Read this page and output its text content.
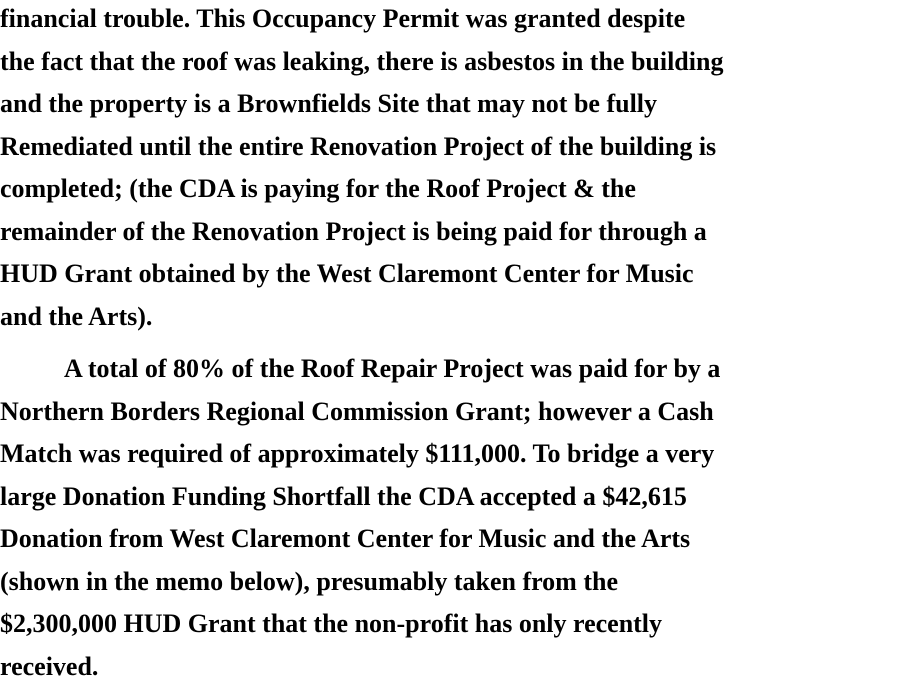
financial trouble. This Occupancy Permit was granted despite
the fact that the roof was leaking, there is asbestos in the building
and the property is a Brownfields Site that may not be fully
Remediated until the entire Renovation Project of the building is
completed; (the CDA is paying for the Roof Project & the
remainder of the Renovation Project is being paid for through a
HUD Grant obtained by the West Claremont Center for Music
and the Arts).
A total of 80% of the Roof Repair Project was paid for by a
Northern Borders Regional Commission Grant; however a Cash
Match was required of approximately $111,000. To bridge a very
large Donation Funding Shortfall the CDA accepted a $42,615
Donation from West Claremont Center for Music and the Arts
(shown in the memo below), presumably taken from the
$2,300,000 HUD Grant that the non-profit has only recently
received.
